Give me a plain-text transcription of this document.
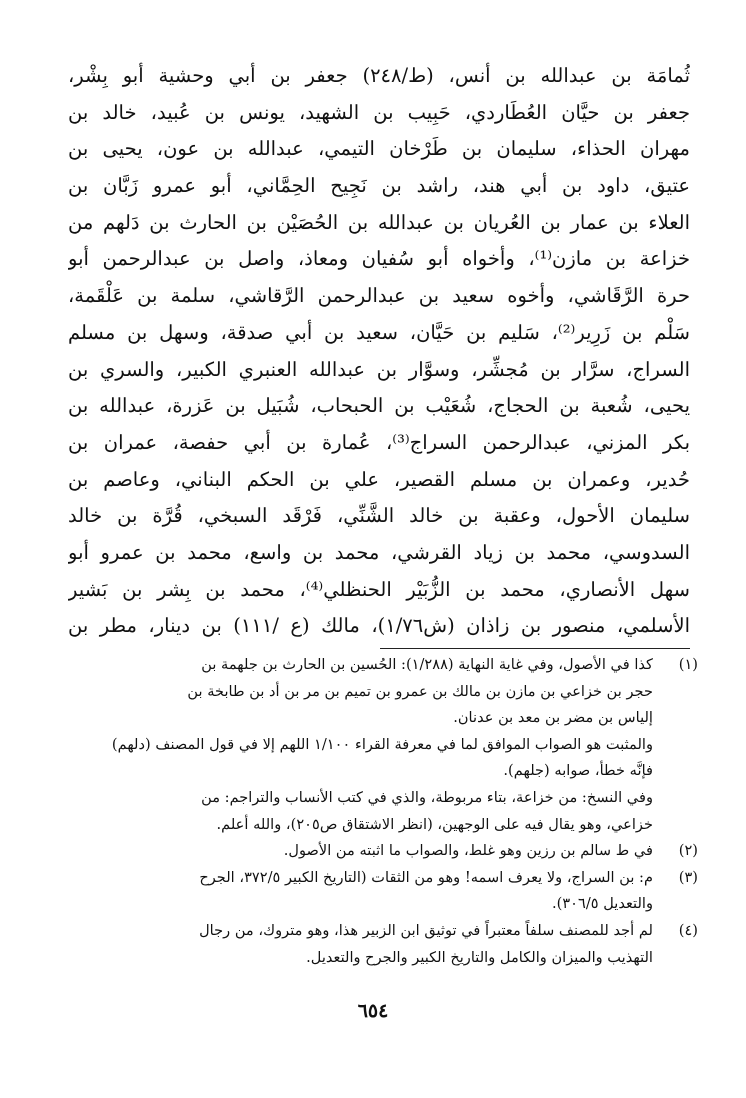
ثُمامَة بن عبدالله بن أنس، (ط/٢٤٨) جعفر بن أبي وحشية أبو بِشْر،
جعفر بن حيَّان العُطَاردي، حَبِيب بن الشهيد، يونس بن عُبيد، خالد بن
مهران الحذاء، سليمان بن طَرْخان التيمي، عبدالله بن عون، يحيى بن
عتيق، داود بن أبي هند، راشد بن نَجِيح الحِمَّاني، أبو عمرو زَبَّان بن
العلاء بن عمار بن العُريان بن عبدالله بن الحُصَيْن بن الحارث بن دَلهم من
خزاعة بن مازن⁽¹⁾، وأخواه أبو سُفيان ومعاذ، واصل بن عبدالرحمن أبو
حرة الرَّقَاشي، وأخوه سعيد بن عبدالرحمن الرَّقاشي، سلمة بن عَلْقَمة،
سَلْم بن زَرِير⁽²⁾، سَليم بن حَيَّان، سعيد بن أبي صدقة، وسهل بن مسلم
السراج، سرَّار بن مُجشِّر، وسوَّار بن عبدالله العنبري الكبير، والسري بن
يحيى، شُعبة بن الحجاج، شُعَيْب بن الحبحاب، شُبَيل بن عَزرة، عبدالله بن
بكر المزني، عبدالرحمن السراج⁽³⁾، عُمارة بن أبي حفصة، عمران بن
حُدير، وعمران بن مسلم القصير، علي بن الحكم البناني، وعاصم بن
سليمان الأحول، وعقبة بن خالد الشَّنِّي، فَرْقَد السبخي، قُرَّة بن خالد
السدوسي، محمد بن زياد القرشي، محمد بن واسع، محمد بن عمرو أبو
سهل الأنصاري، محمد بن الزُّبَيْر الحنظلي⁽⁴⁾، محمد بن بِشر بن بَشير
الأسلمي، منصور بن زاذان (ش١/٧٦)، مالك (ع /١١١) بن دينار، مطر بن
(١)
كذا في الأصول، وفي غاية النهاية (١/٢٨٨): الحُسين بن الحارث بن جلهمة بن
حجر بن خزاعي بن مازن بن مالك بن عمرو بن تميم بن مر بن أد بن طابخة بن
إلياس بن مضر بن معد بن عدنان.
والمثبت هو الصواب الموافق لما في معرفة القراء ١/١٠٠ اللهم إلا في قول المصنف (دلهم)
فإنَّه خطأ، صوابه (جلهم).
وفي النسخ: من خزاعة، بتاء مربوطة، والذي في كتب الأنساب والتراجم: من
خزاعي، وهو يقال فيه على الوجهين، (انظر الاشتقاق ص٢٠٥)، والله أعلم.
(٢)
في ط سالم بن رزين وهو غلط، والصواب ما اثبته من الأصول.
(٣)
م: بن السراج، ولا يعرف اسمه! وهو من الثقات (التاريخ الكبير ٣٧٢/٥، الجرح
والتعديل ٣٠٦/٥).
(٤)
لم أجد للمصنف سلفاً معتبراً في توثيق ابن الزبير هذا، وهو متروك، من رجال
التهذيب والميزان والكامل والتاريخ الكبير والجرح والتعديل.
٦٥٤
